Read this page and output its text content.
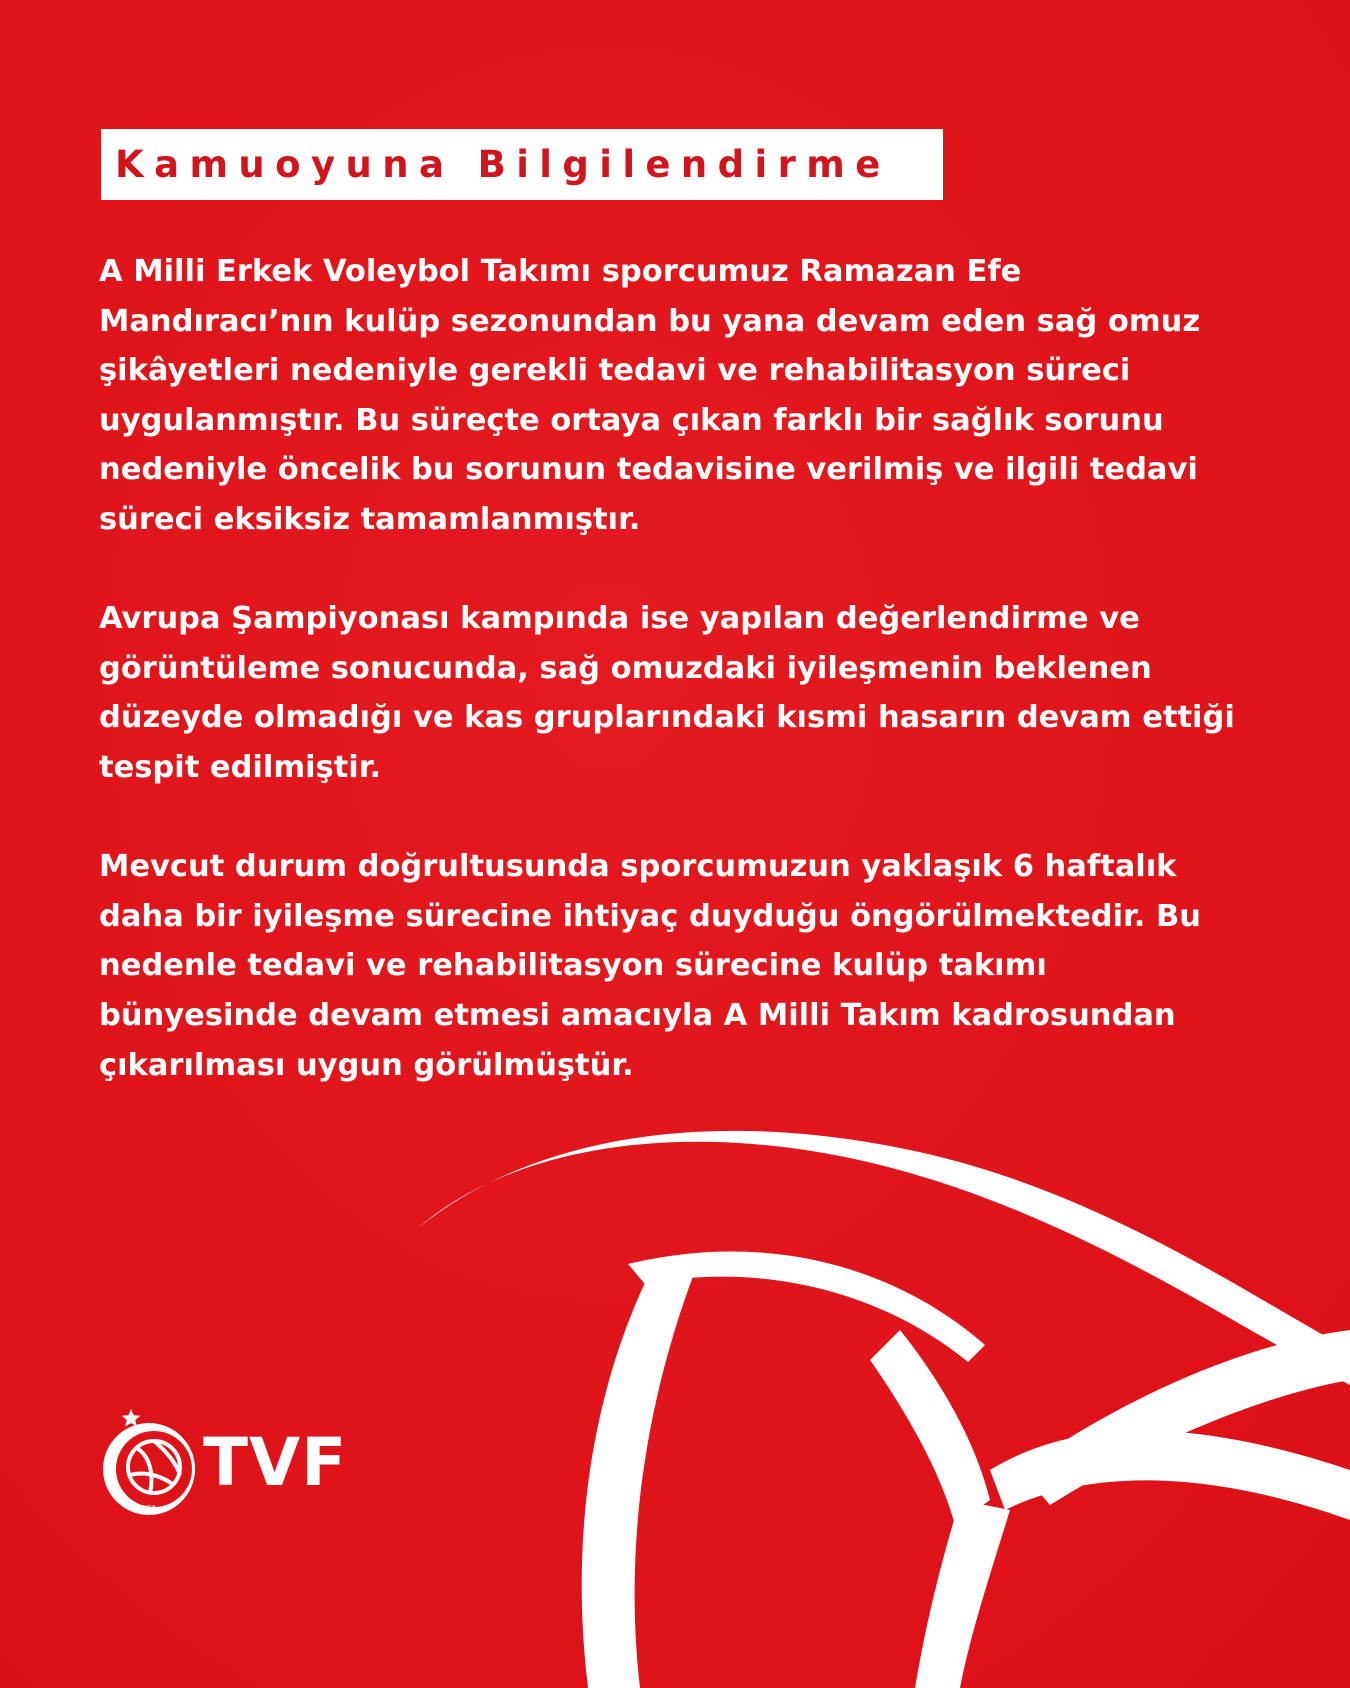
Kamuoyuna Bilgilendirme

A Milli Erkek Voleybol Takımı sporcumuz Ramazan Efe Mandıracı’nın kulüp sezonundan bu yana devam eden sağ omuz şikâyetleri nedeniyle gerekli tedavi ve rehabilitasyon süreci uygulanmıştır. Bu süreçte ortaya çıkan farklı bir sağlık sorunu nedeniyle öncelik bu sorunun tedavisine verilmiş ve ilgili tedavi süreci eksiksiz tamamlanmıştır.

Avrupa Şampiyonası kampında ise yapılan değerlendirme ve görüntüleme sonucunda, sağ omuzdaki iyileşmenin beklenen düzeyde olmadığı ve kas gruplarındaki kısmi hasarın devam ettiği tespit edilmiştir.

Mevcut durum doğrultusunda sporcumuzun yaklaşık 6 haftalık daha bir iyileşme sürecine ihtiyaç duyduğu öngörülmektedir. Bu nedenle tedavi ve rehabilitasyon sürecine kulüp takımı bünyesinde devam etmesi amacıyla A Milli Takım kadrosundan çıkarılması uygun görülmüştür.

1958
TVF
